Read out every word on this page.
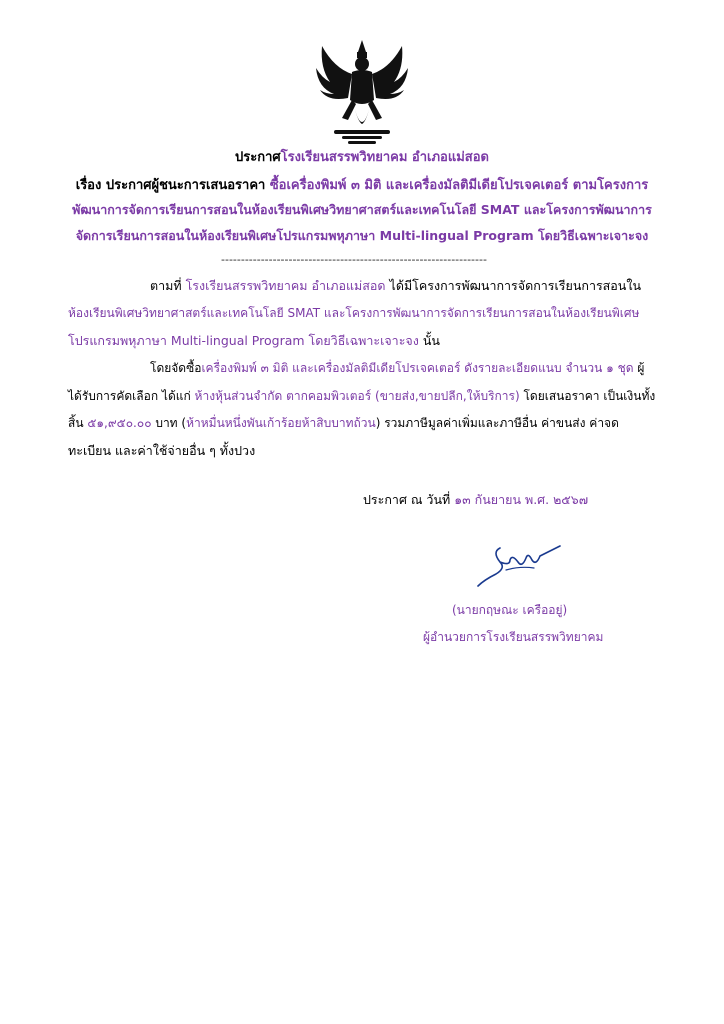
ประกาศโรงเรียนสรรพวิทยาคม อำเภอแม่สอด
เรื่อง ประกาศผู้ชนะการเสนอราคา ซื้อเครื่องพิมพ์ ๓ มิติ และเครื่องมัลติมีเดียโปรเจคเตอร์ ตามโครงการ
พัฒนาการจัดการเรียนการสอนในห้องเรียนพิเศษวิทยาศาสตร์และเทคโนโลยี SMAT และโครงการพัฒนาการ
จัดการเรียนการสอนในห้องเรียนพิเศษโปรแกรมพหุภาษา Multi-lingual Program โดยวิธีเฉพาะเจาะจง
-------------------------------------------------------------------
ตามที่ โรงเรียนสรรพวิทยาคม อำเภอแม่สอด ได้มีโครงการพัฒนาการจัดการเรียนการสอนใน
ห้องเรียนพิเศษวิทยาศาสตร์และเทคโนโลยี SMAT และโครงการพัฒนาการจัดการเรียนการสอนในห้องเรียนพิเศษ
โปรแกรมพหุภาษา Multi-lingual Program โดยวิธีเฉพาะเจาะจง นั้น
โดยจัดซื้อเครื่องพิมพ์ ๓ มิติ และเครื่องมัลติมีเดียโปรเจคเตอร์ ดังรายละเอียดแนบ จำนวน ๑ ชุด ผู้
ได้รับการคัดเลือก ได้แก่ ห้างหุ้นส่วนจำกัด ตากคอมพิวเตอร์ (ขายส่ง,ขายปลีก,ให้บริการ) โดยเสนอราคา เป็นเงินทั้ง
สิ้น ๕๑,๙๕๐.๐๐ บาท (ห้าหมื่นหนึ่งพันเก้าร้อยห้าสิบบาทถ้วน) รวมภาษีมูลค่าเพิ่มและภาษีอื่น ค่าขนส่ง ค่าจด
ทะเบียน และค่าใช้จ่ายอื่น ๆ ทั้งปวง
ประกาศ ณ วันที่ ๑๓ กันยายน พ.ศ. ๒๕๖๗
(นายกฤษณะ เครืออยู่)
ผู้อำนวยการโรงเรียนสรรพวิทยาคม
